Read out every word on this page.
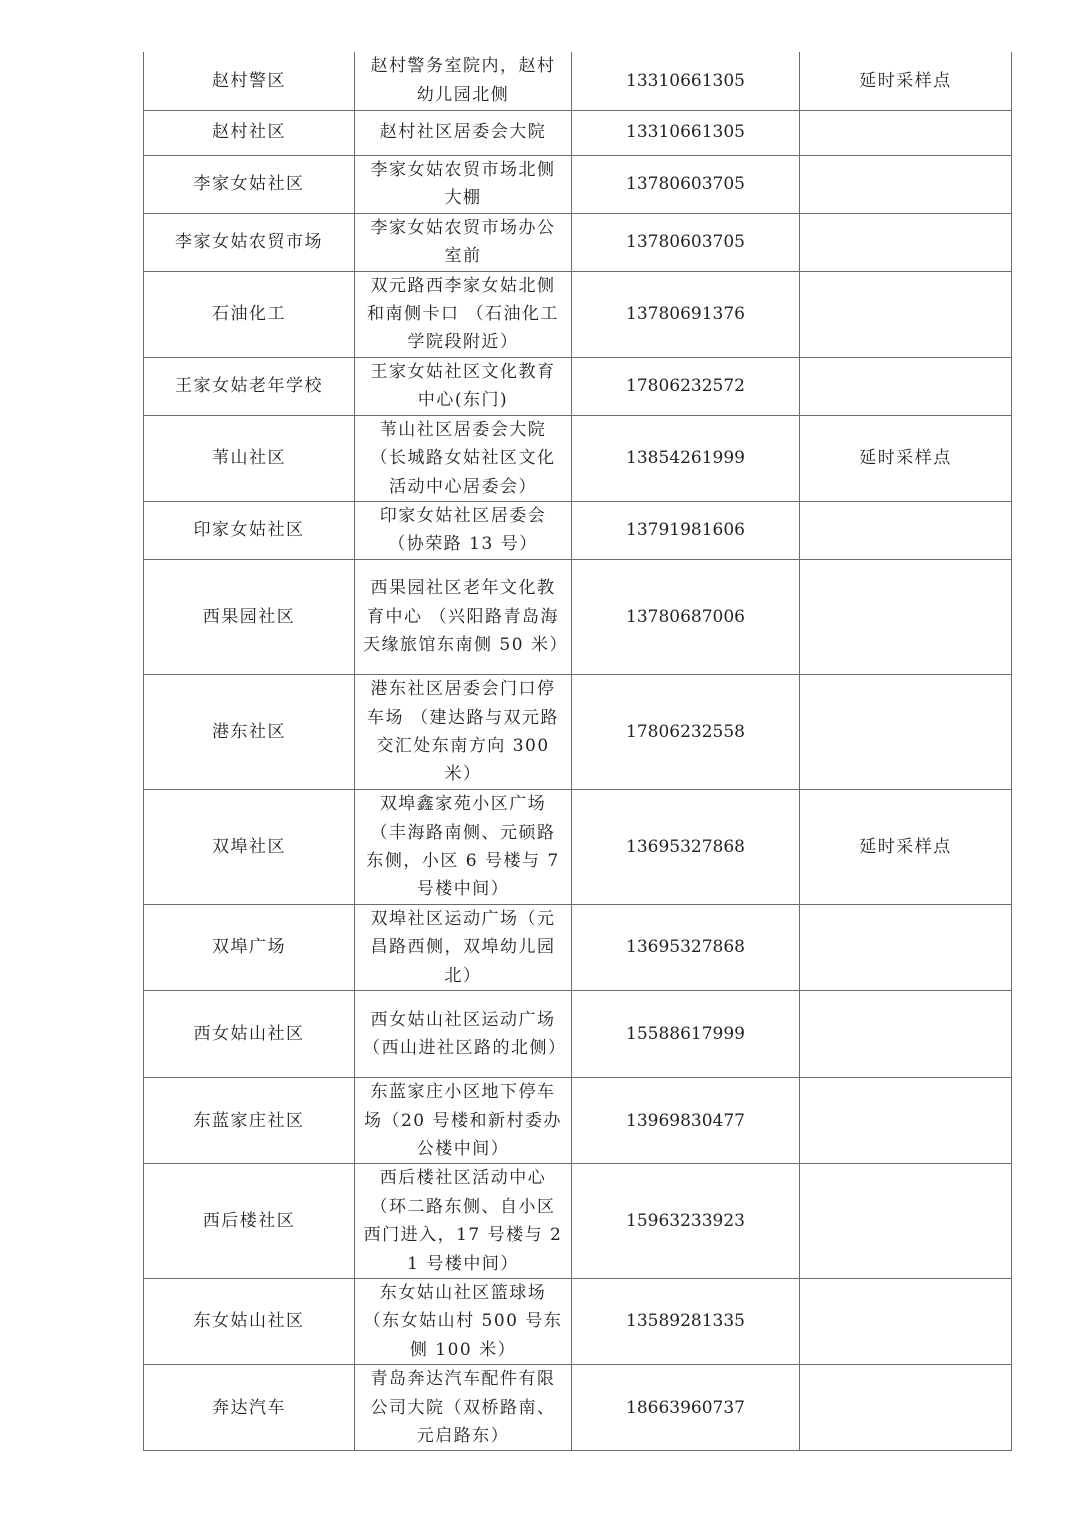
赵村警区	赵村警务室院内，赵村幼儿园北侧	13310661305	延时采样点
赵村社区	赵村社区居委会大院	13310661305	
李家女姑社区	李家女姑农贸市场北侧大棚	13780603705	
李家女姑农贸市场	李家女姑农贸市场办公室前	13780603705	
石油化工	双元路西李家女姑北侧和南侧卡口 （石油化工学院段附近）	13780691376	
王家女姑老年学校	王家女姑社区文化教育中心(东门)	17806232572	
苇山社区	苇山社区居委会大院（长城路女姑社区文化活动中心居委会）	13854261999	延时采样点
印家女姑社区	印家女姑社区居委会（协荣路 13 号）	13791981606	
西果园社区	西果园社区老年文化教育中心 （兴阳路青岛海天缘旅馆东南侧 50 米）	13780687006	
港东社区	港东社区居委会门口停车场 （建达路与双元路交汇处东南方向 300 米）	17806232558	
双埠社区	双埠鑫家苑小区广场（丰海路南侧、元硕路东侧，小区 6 号楼与 7 号楼中间）	13695327868	延时采样点
双埠广场	双埠社区运动广场（元昌路西侧，双埠幼儿园北）	13695327868	
西女姑山社区	西女姑山社区运动广场（西山进社区路的北侧）	15588617999	
东蓝家庄社区	东蓝家庄小区地下停车场（20 号楼和新村委办公楼中间）	13969830477	
西后楼社区	西后楼社区活动中心（环二路东侧、自小区西门进入，17 号楼与 21 号楼中间）	15963233923	
东女姑山社区	东女姑山社区篮球场（东女姑山村 500 号东侧 100 米）	13589281335	
奔达汽车	青岛奔达汽车配件有限公司大院（双桥路南、元启路东）	18663960737	
